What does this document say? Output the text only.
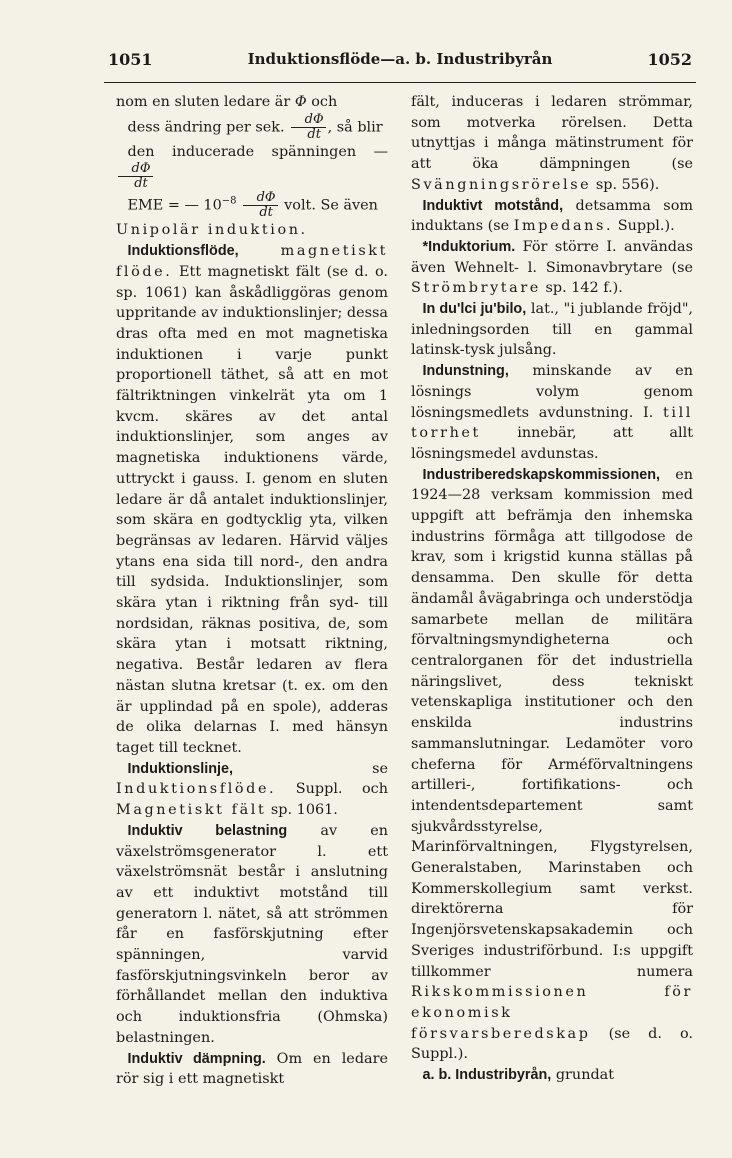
1051	Induktionsflöde—a. b. Industribyrån	1052

nom en sluten ledare är Φ och

dess ändring per sek. $\frac{d\Phi}{dt}$ , så blir

den inducerade spänningen —
$\frac{d\Phi}{dt}$

EME = — $10^{-8} \frac{d\Phi}{dt}$ volt. Se även

Unipolär induktion.

Induktionsflöde,	magnetiskt flöde. Ett magnetiskt fält (se d. o. sp. 1061) kan åskådliggöras genom uppritande av induktionslinjer; dessa dras ofta med en mot magnetiska induktionen i varje punkt proportionell täthet, så att en mot fältriktningen vinkelrät yta om 1 kvcm. skäres av det antal induktionslinjer, som anges av magnetiska induktionens värde, uttryckt i gauss. I. genom en sluten ledare är då antalet induktionslinjer, som skära en godtycklig yta, vilken begränsas av ledaren. Härvid väljes ytans ena sida till nord-, den andra till sydsida. Induktionslinjer, som skära ytan i riktning från syd- till nordsidan, räknas positiva, de, som skära ytan i motsatt riktning, negativa. Består ledaren av flera nästan slutna kretsar (t. ex. om den är upplindad på en spole), adderas de olika delarnas I. med hänsyn taget till tecknet.

Induktionslinje,	se Induktionsflöde. Suppl. och Magnetiskt fält sp. 1061.

Induktiv belastning av en växelströmsgenerator l. ett växelströmsnät består i anslutning av ett induktivt motstånd till generatorn l. nätet, så att strömmen får en fasförskjutning efter spänningen, varvid fasförskjutningsvinkeln beror av förhållandet mellan den induktiva och induktionsfria (Ohmska) belastningen.

Induktiv dämpning. Om en ledare rör sig i ett magnetiskt

fält, induceras i ledaren strömmar, som motverka rörelsen. Detta utnyttjas i många mätinstrument för att öka dämpningen (se Svängningsrörelse sp. 556).

Induktivt motstånd, detsamma som induktans (se Impedans. Suppl.).

*Induktorium. För större I. användas även Wehnelt- l. Simonavbrytare (se Strömbrytare sp. 142 f.).

In du'lci ju'bilo, lat., "i jublande fröjd", inledningsorden till en gammal latinsk-tysk julsång.

Indunstning, minskande av en lösnings volym genom lösningsmedlets avdunstning. I. till torrhet	innebär, att allt lösningsmedel avdunstas.

Industriberedskapskommissionen, en 1924—28 verksam kommission med uppgift att befrämja den inhemska industrins förmåga att tillgodose de krav, som i krigstid kunna ställas på densamma. Den skulle för detta ändamål åvägabringa och understödja samarbete mellan de militära förvaltningsmyndigheterna och centralorganen för det industriella näringslivet, dess tekniskt vetenskapliga institutioner och den enskilda industrins sammanslutningar. Ledamöter voro cheferna för Arméförvaltningens artilleri-, fortifikations- och intendentsdepartement samt sjukvårdsstyrelse, Marinförvaltningen, Flygstyrelsen, Generalstaben, Marinstaben och Kommerskollegium samt verkst. direktörerna för Ingenjörsvetenskapsakademin och Sveriges industriförbund. I:s uppgift tillkommer numera Rikskommissionen för ekonomisk försvarsberedskap (se d. o. Suppl.).

a. b. Industribyrån, grundat
